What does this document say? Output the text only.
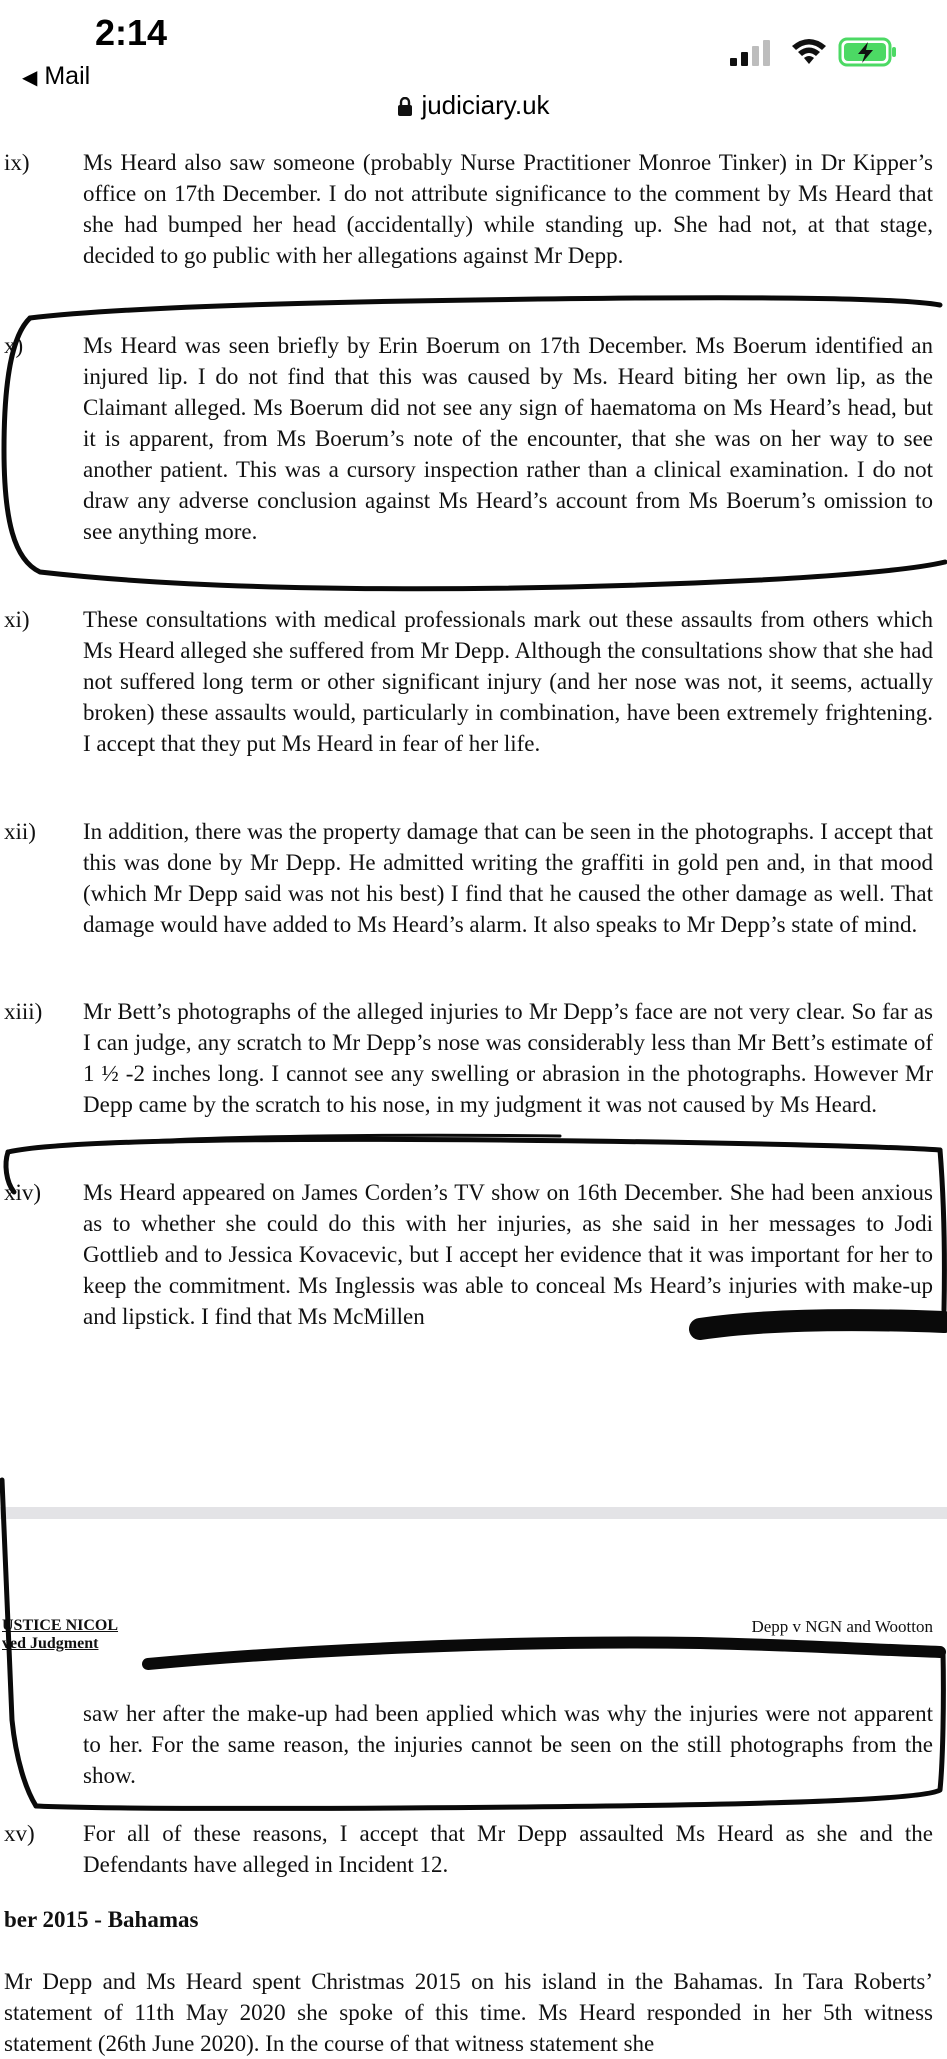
2:14
◀ Mail
judiciary.uk
ix) Ms Heard also saw someone (probably Nurse Practitioner Monroe Tinker) in Dr Kipper’s office on 17th December. I do not attribute significance to the comment by Ms Heard that she had bumped her head (accidentally) while standing up. She had not, at that stage, decided to go public with her allegations against Mr Depp.
x)	Ms Heard was seen briefly by Erin Boerum on 17th December. Ms Boerum identified an injured lip. I do not find that this was caused by Ms. Heard biting her own lip, as the Claimant alleged. Ms Boerum did not see any sign of haematoma on Ms Heard’s head, but it is apparent, from Ms Boerum’s note of the encounter, that she was on her way to see another patient. This was a cursory inspection rather than a clinical examination. I do not draw any adverse conclusion against Ms Heard’s account from Ms Boerum’s omission to see anything more.
xi) These consultations with medical professionals mark out these assaults from others which Ms Heard alleged she suffered from Mr Depp. Although the consultations show that she had not suffered long term or other significant injury (and her nose was not, it seems, actually broken) these assaults would, particularly in combination, have been extremely frightening. I accept that they put Ms Heard in fear of her life.
xii) In addition, there was the property damage that can be seen in the photographs. I accept that this was done by Mr Depp. He admitted writing the graffiti in gold pen and, in that mood (which Mr Depp said was not his best) I find that he caused the other damage as well. That damage would have added to Ms Heard’s alarm. It also speaks to Mr Depp’s state of mind.
xiii) Mr Bett’s photographs of the alleged injuries to Mr Depp’s face are not very clear. So far as I can judge, any scratch to Mr Depp’s nose was considerably less than Mr Bett’s estimate of 1 ½ -2 inches long. I cannot see any swelling or abrasion in the photographs. However Mr Depp came by the scratch to his nose, in my judgment it was not caused by Ms Heard.
xiv) Ms Heard appeared on James Corden’s TV show on 16th December. She had been anxious as to whether she could do this with her injuries, as she said in her messages to Jodi Gottlieb and to Jessica Kovacevic, but I accept her evidence that it was important for her to keep the commitment. Ms Inglessis was able to conceal Ms Heard’s injuries with make-up and lipstick. I find that Ms McMillen
USTICE NICOL
ved Judgment
Depp v NGN and Wootton
saw her after the make-up had been applied which was why the injuries were not apparent to her. For the same reason, the injuries cannot be seen on the still photographs from the show.
xv) For all of these reasons, I accept that Mr Depp assaulted Ms Heard as she and the Defendants have alleged in Incident 12.
ber 2015 - Bahamas
Mr Depp and Ms Heard spent Christmas 2015 on his island in the Bahamas. In Tara Roberts’ statement of 11th May 2020 she spoke of this time. Ms Heard responded in her 5th witness statement (26th June 2020). In the course of that witness statement she
